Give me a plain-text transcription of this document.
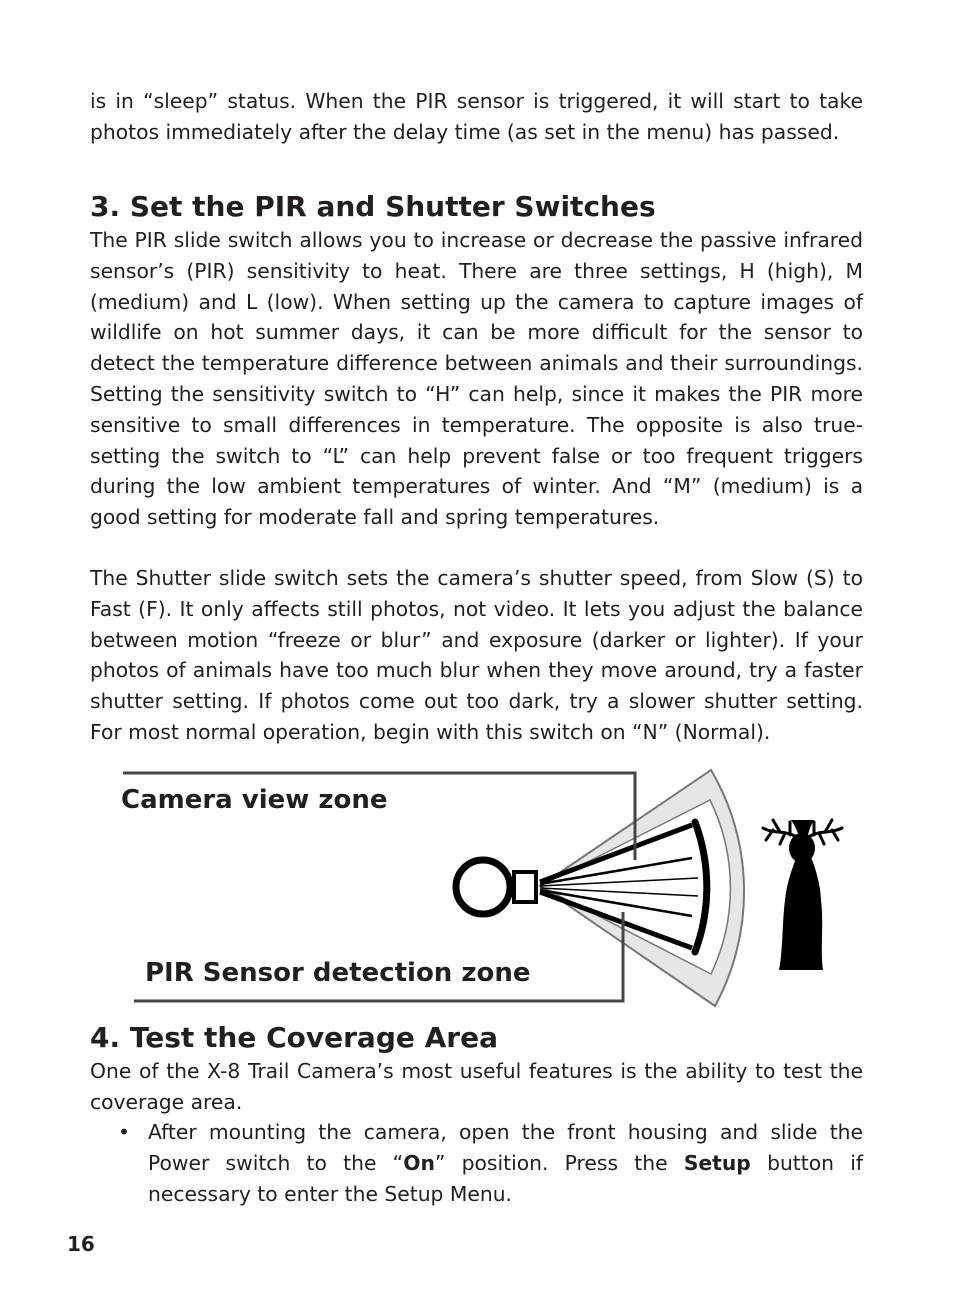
is in “sleep” status. When the PIR sensor is triggered, it will start to take photos immediately after the delay time (as set in the menu) has passed.

3. Set the PIR and Shutter Switches

The PIR slide switch allows you to increase or decrease the passive infrared sensor’s (PIR) sensitivity to heat. There are three settings, H (high), M (medium) and L (low). When setting up the camera to capture images of wildlife on hot summer days, it can be more difficult for the sensor to detect the temperature difference between animals and their surroundings. Setting the sensitivity switch to “H” can help, since it makes the PIR more sensitive to small differences in temperature. The opposite is also true-setting the switch to “L” can help prevent false or too frequent triggers during the low ambient temperatures of winter. And “M” (medium) is a good setting for moderate fall and spring temperatures.

The Shutter slide switch sets the camera’s shutter speed, from Slow (S) to Fast (F). It only affects still photos, not video. It lets you adjust the balance between motion “freeze or blur” and exposure (darker or lighter). If your photos of animals have too much blur when they move around, try a faster shutter setting. If photos come out too dark, try a slower shutter setting. For most normal operation, begin with this switch on “N” (Normal).

Camera view zone
PIR Sensor detection zone
4. Test the Coverage Area

One of the X-8 Trail Camera’s most useful features is the ability to test the coverage area.

• After mounting the camera, open the front housing and slide the Power switch to the “On” position. Press the Setup button if necessary to enter the Setup Menu.

16
